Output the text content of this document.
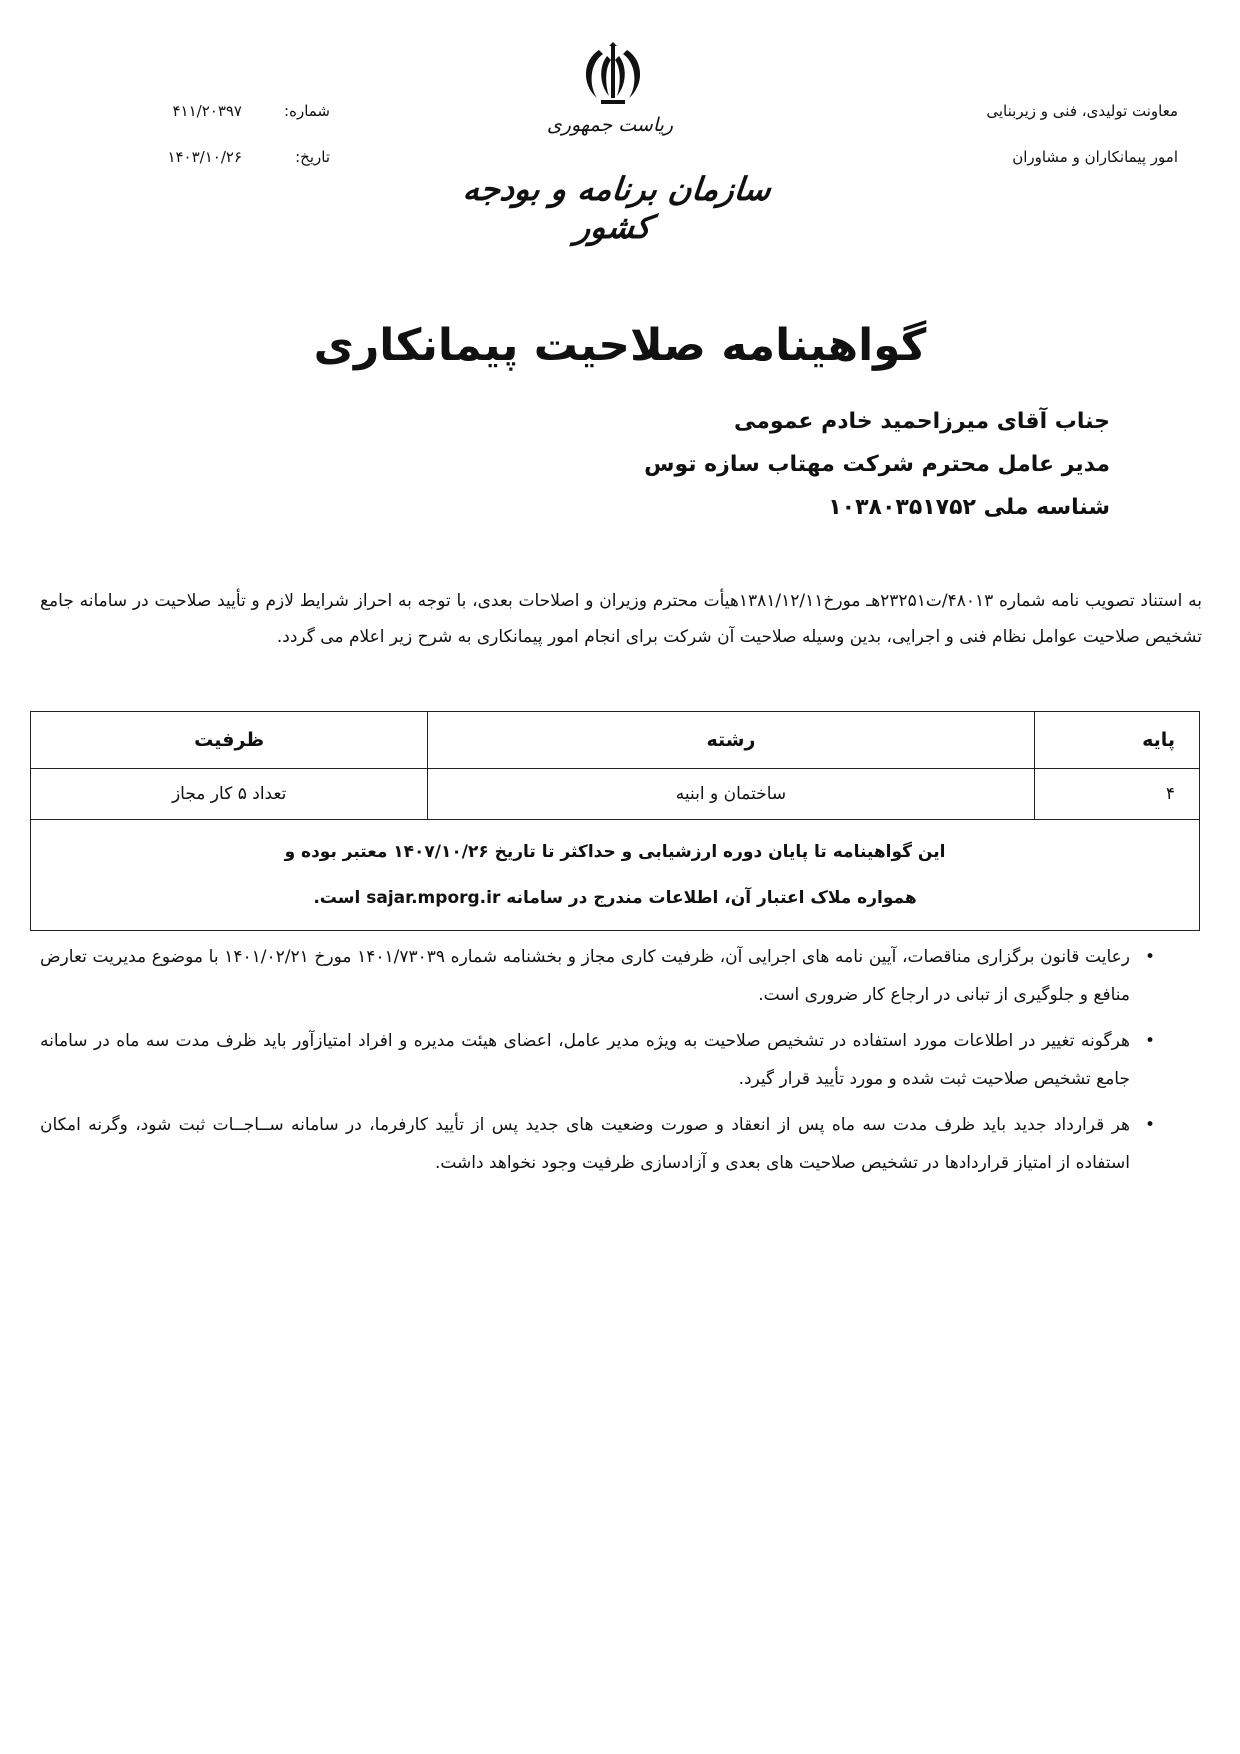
معاونت تولیدی، فنی و زیربنایی
امور پیمانکاران و مشاوران
شماره:
۴۱۱/۲۰۳۹۷
تاریخ:
۱۴۰۳/۱۰/۲۶
ریاست جمهوری
سازمان برنامه و بودجه کشور
گواهینامه صلاحیت پیمانکاری
جناب آقای میرزاحمید خادم عمومی
مدیر عامل محترم شرکت مهتاب سازه توس
شناسه ملی ۱۰۳۸۰۳۵۱۷۵۲
به استناد تصویب نامه شماره ۴۸۰۱۳/ت۲۳۲۵۱هـ مورخ۱۳۸۱/۱۲/۱۱هیأت محترم وزیران و اصلاحات بعدی، با توجه به احراز شرایط لازم و تأیید صلاحیت در سامانه جامع تشخیص صلاحیت عوامل نظام فنی و اجرایی، بدین وسیله صلاحیت آن شرکت برای انجام امور پیمانکاری به شرح زیر اعلام می گردد.
پایه	رشته	ظرفیت
۴	ساختمان و ابنیه	تعداد ۵ کار مجاز

این گواهینامه تا پایان دوره ارزشیابی و حداکثر تا تاریخ ۱۴۰۷/۱۰/۲۶ معتبر بوده و
همواره ملاک اعتبار آن، اطلاعات مندرج در سامانه sajar.mporg.ir است.		
•
رعایت قانون برگزاری مناقصات، آیین نامه های اجرایی آن، ظرفیت کاری مجاز و بخشنامه شماره ۱۴۰۱/۷۳۰۳۹ مورخ ۱۴۰۱/۰۲/۲۱ با موضوع مدیریت تعارض منافع و جلوگیری از تبانی در ارجاع کار ضروری است.
•
هرگونه تغییر در اطلاعات مورد استفاده در تشخیص صلاحیت به ویژه مدیر عامل، اعضای هیئت مدیره و افراد امتیازآور باید ظرف مدت سه ماه در سامانه جامع تشخیص صلاحیت ثبت شده و مورد تأیید قرار گیرد.
•
هر قرارداد جدید باید ظرف مدت سه ماه پس از انعقاد و صورت وضعیت های جدید پس از تأیید کارفرما، در سامانه ســاجــات ثبت شود، وگرنه امکان استفاده از امتیاز قراردادها در تشخیص صلاحیت های بعدی و آزادسازی ظرفیت وجود نخواهد داشت.
